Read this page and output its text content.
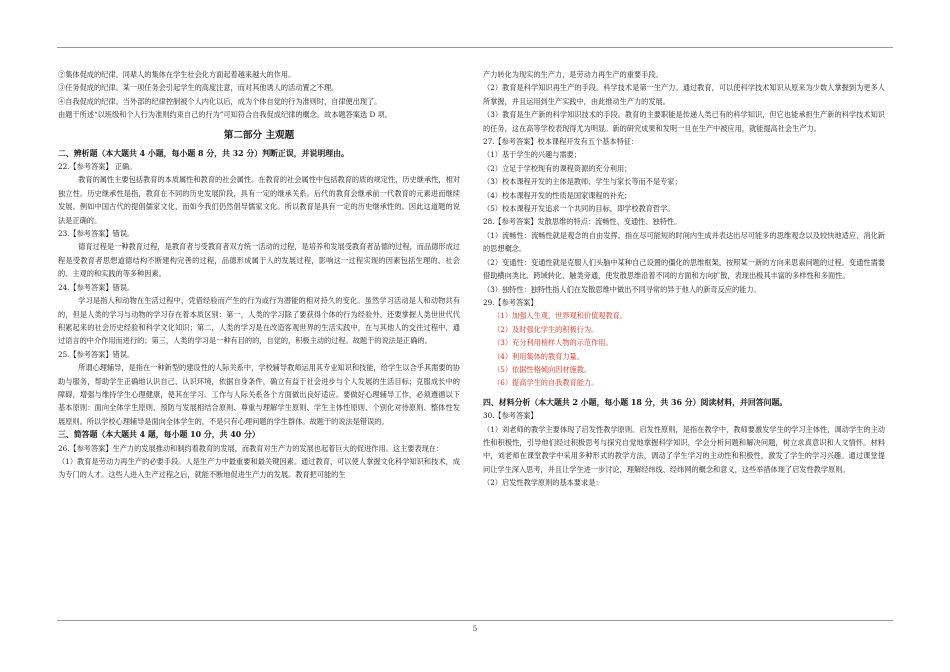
②集体促成的纪律。同辈人的集体在学生社会化方面起着越来越大的作用。

③任务促成的纪律。某一项任务会引起学生的高度注意，而对其他诱人的活动置之不理。

④自我促成的纪律。当外部的纪律控制被个人内化以后，成为个体自觉的行为准则时，自律便出现了。

由题干所述“以班级和个人行为准则约束自己的行为”可知符合自我促成纪律的概念。故本题答案选 D 项。

第二部分 主观题

二、辨析题（本大题共 4 小题，每小题 8 分，共 32 分）判断正误，并说明理由。

22.【参考答案】 正确。

教育的属性主要包括教育的本质属性和教育的社会属性。在教育的社会属性中包括教育的质的规定性，历史继承性，相对独立性。历史继承性是指，教育在不同的历史发展阶段，具有一定的继承关系。后代的教育会继承前一代教育的元素进而继续发展。例如中国古代的提倡儒家文化，而如今我们仍然倡导儒家文化。所以教育是具有一定的历史继承性的。因此这道题的说法是正确的。

23.【参考答案】错误。

德育过程是一种教育过程，是教育者与受教育者双方统一活动的过程，是培养和发展受教育者品德的过程，而品德形成过程是受教育者思想道德结构不断建构完善的过程，品德形成属于人的发展过程，影响这一过程实现的因素包括生理的、社会的、主观的和实践的等多种因素。

24.【参考答案】错误。

学习是指人和动物在生活过程中，凭借经验而产生的行为或行为潜能的相对持久的变化。虽然学习活动是人和动物共有的，但是人类的学习与动物的学习存在着本质区别：第一，人类的学习除了要获得个体的行为经验外，还要掌握人类世世代代积累起来的社会历史经验和科学文化知识；第二，人类的学习是在改造客观世界的生活实践中，在与其他人的交往过程中，通过语言的中介作用而进行的；第三，人类的学习是一种有目的的，自觉的，积极主动的过程。故题干的说法是正确的。

25.【参考答案】错误。

所谓心理辅导，是指在一种新型的建设性的人际关系中，学校辅导教师运用其专业知识和技能，给学生以合乎其需要的协助与服务，帮助学生正确地认识自己、认识环境，依据自身条件，确立有益于社会进步与个人发展的生活目标；克服成长中的障碍，增强与维持学生心理健康，使其在学习、工作与人际关系各个方面做出良好适应。要做好心理辅导工作，必须遵循以下基本原则：面向全体学生原则、预防与发展相结合原则、尊重与理解学生原则、学生主体性原则、个别化对待原则、整体性发展原则。所以学校心理辅导是面向全体学生的，不是只有心理问题的学生群体。故题干的说法是错误的。

三、简答题（本大题共 4 题，每小题 10 分，共 40 分）

26.【参考答案】生产力的发展推动和制约着教育的发展，而教育对生产力的发展也起着巨大的促进作用。这主要表现在：

（1）教育是劳动力再生产的必要手段。人是生产力中最重要和最关键因素。通过教育，可以使人掌握文化科学知识和技术，成为专门的人才。这些人进入生产过程之后，就能不断地促进生产力的发展。教育把可能的生

产力转化为现实的生产力，是劳动力再生产的重要手段。

（2）教育是科学知识再生产的手段。科学技术是第一生产力。通过教育，可以使科学技术知识从原来为少数人掌握到为更多人所掌握，并且运用到生产实践中，由此推动生产力的发展。

（3）教育是生产新的科学知识技术的手段。教育的主要职能是传递人类已有的科学知识，但它也能承担生产新的科学技术知识的任务，这在高等学校表现得尤为明显。新的研究成果和发明一旦在生产中被应用，就能提高社会生产力。

27.【参考答案】校本课程开发有五个基本特征：

（1）基于学生的兴趣与需要；

（2）立足于学校现有的课程资源的充分利用；

（3）校本课程开发的主体是教师、学生与家长等而不是专家；

（4）校本课程开发的性质是国家课程的补充；

（5）校本课程开发追求一个共同的目标，即学校教育哲学。

28.【参考答案】发散思维的特点：流畅性、变通性、独特性。

（1）流畅性：流畅性就是观念的自由发挥。指在尽可能短的时间内生成并表达出尽可能多的思维观念以及较快地适应、消化新的思想概念。

（2）变通性：变通性就是克服人们头脑中某种自己设置的僵化的思维框架，按照某一新的方向来思索问题的过程。变通性需要借助横向类比、跨域转化、触类旁通，使发散思维沿着不同的方面和方向扩散，表现出极其丰富的多样性和多面性。

（3）独特性：独特性指人们在发散思维中做出不同寻常的异于他人的新奇反应的能力。

29.【参考答案】

（1）加强人生观，世界观和价值观教育。

（2）及时强化学生的积极行为。

（3）充分利用榜样人物的示范作用。

（4）利用集体的教育力量。

（5）依据性格倾向因材施教。

（6）提高学生的自我教育能力。

四、材料分析（本大题共 2 小题，每小题 18 分，共 36 分）阅读材料，并回答问题。

30.【参考答案】

（1）刘老师的教学主要体现了启发性教学原则。启发性原则，是指在教学中，教师要激发学生的学习主体性，调动学生的主动性和积极性，引导他们经过积极思考与探究自觉地掌握科学知识，学会分析问题和解决问题，树立求真意识和人文情怀。材料中，刘老师在课堂教学中采用多种形式的教学方法，调动了学生学习的主动性和积极性，激发了学生的学习兴趣。通过课堂提问让学生深入思考，并且让学生进一步讨论，理解经纬线、经纬网的概念和意义，这些举措体现了启发性教学原则。

（2）启发性教学原则的基本要求是：

5
